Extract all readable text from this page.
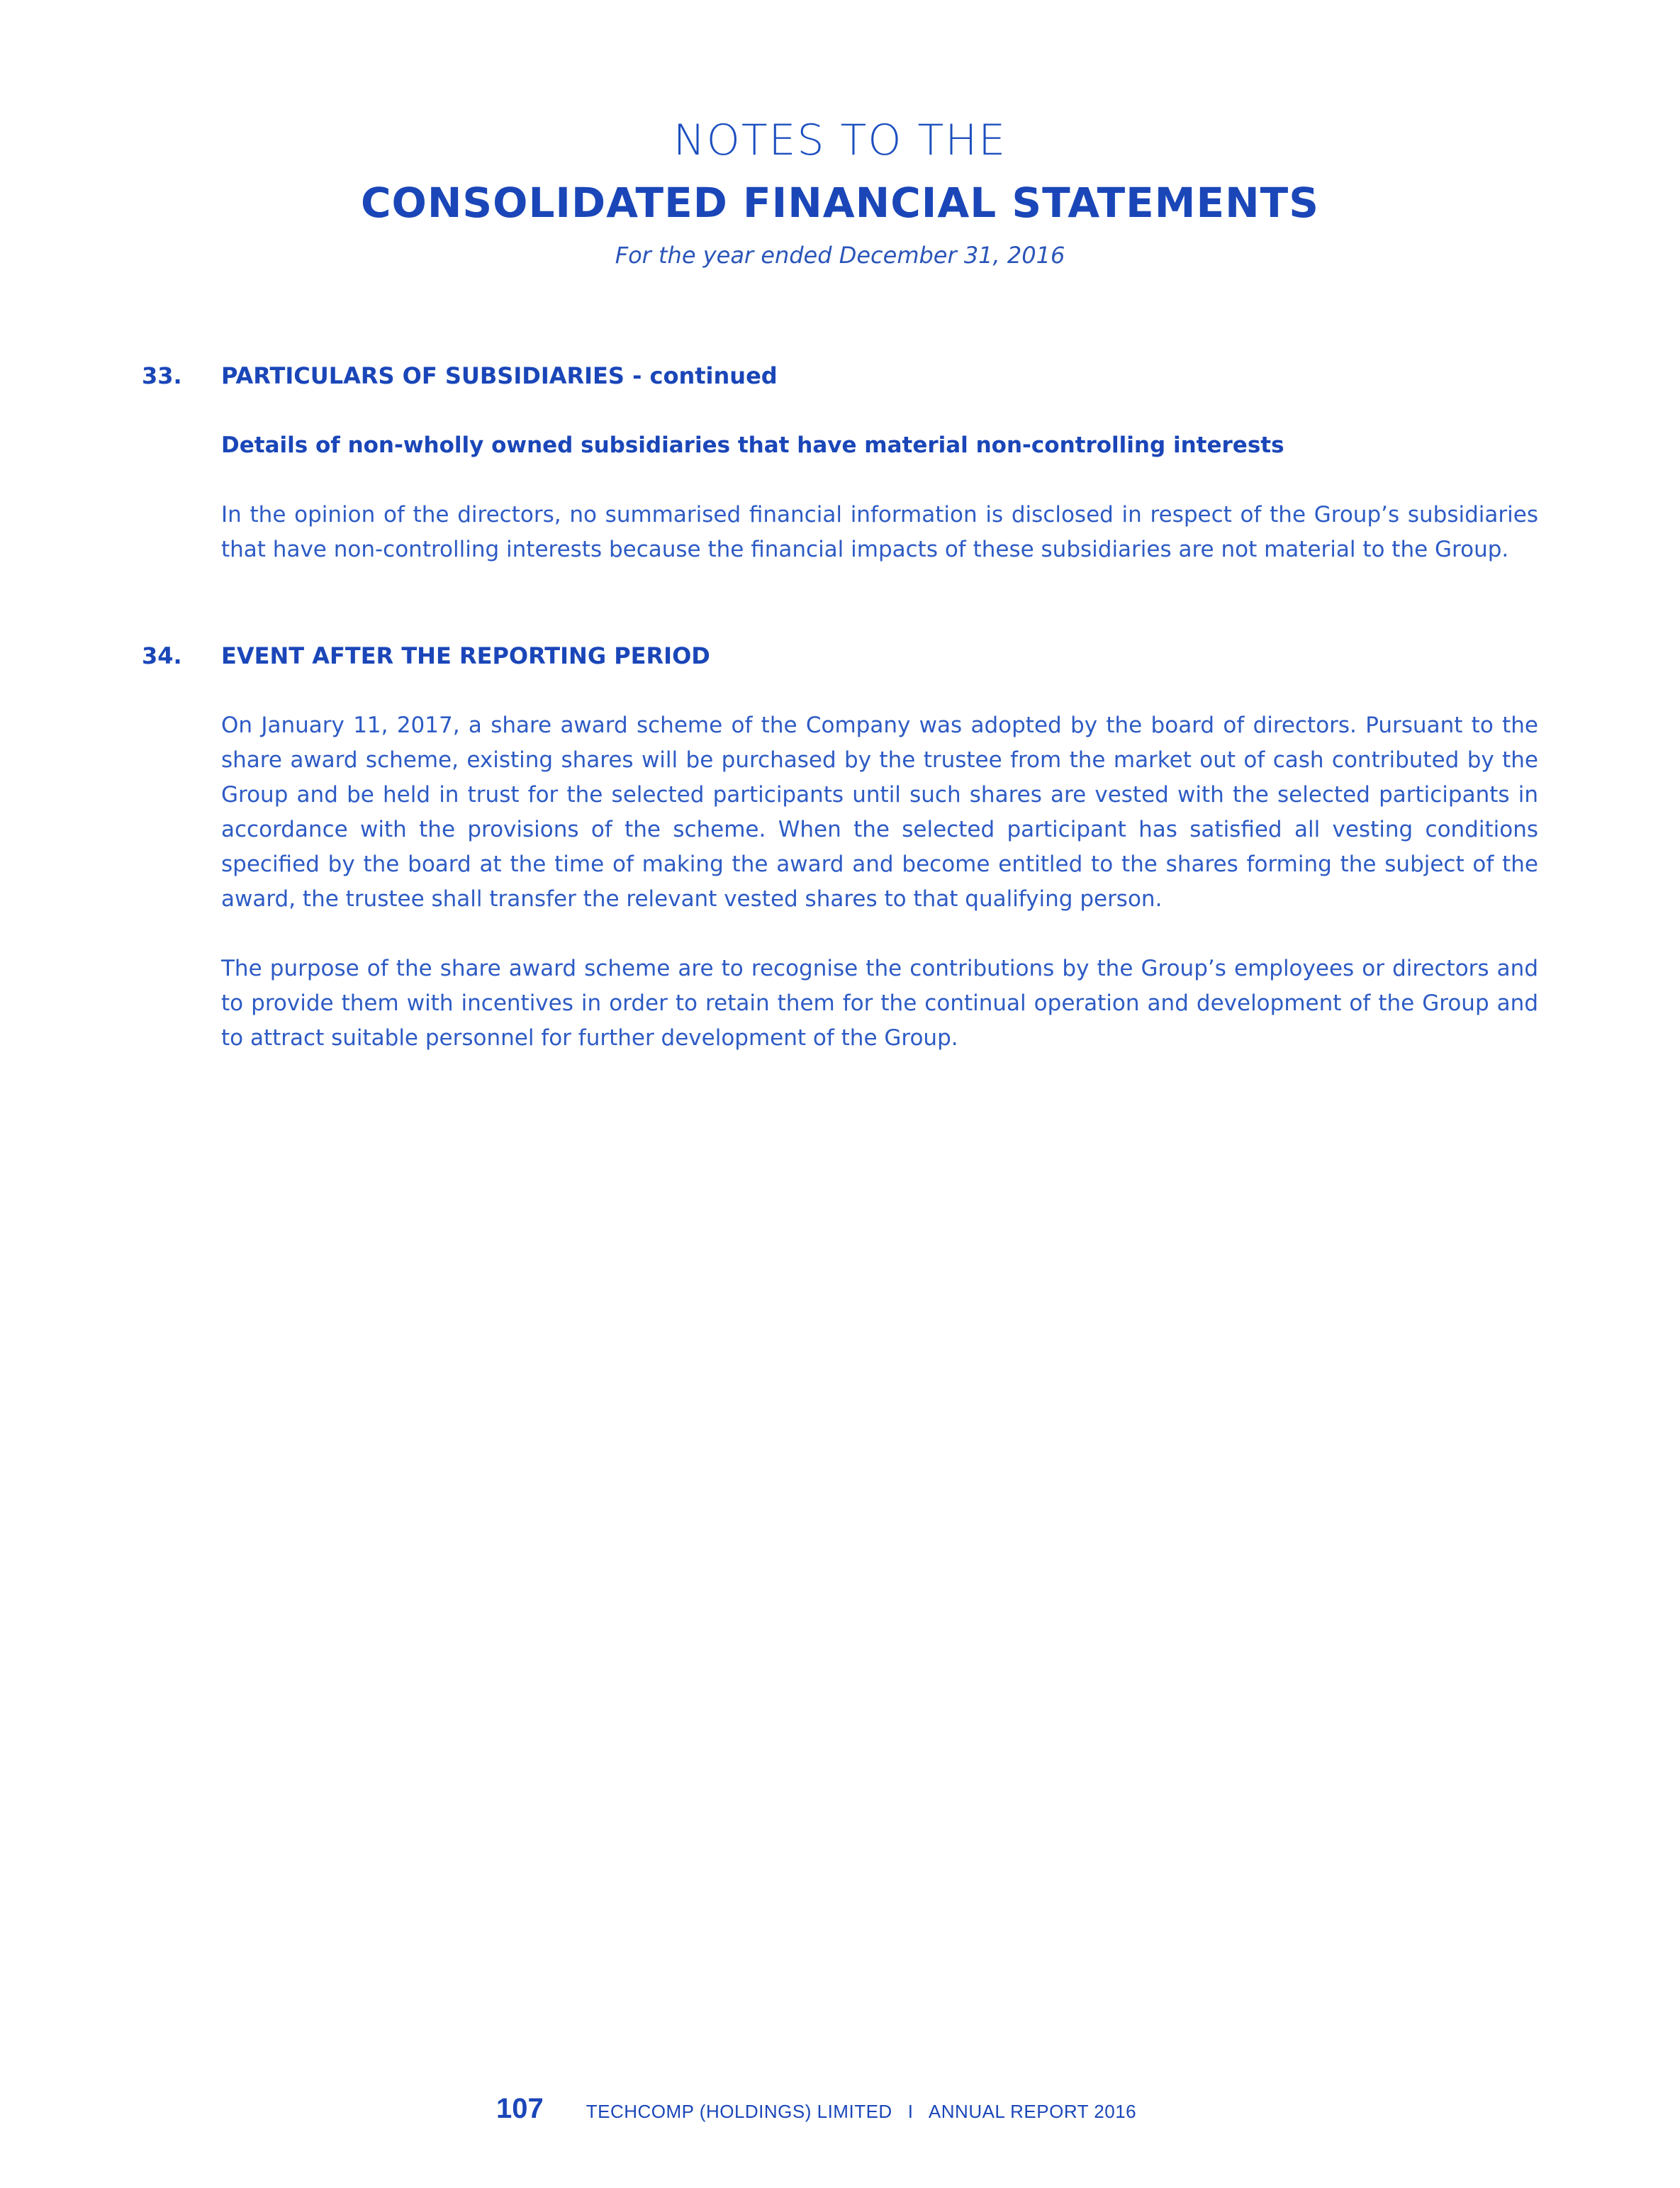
NOTES TO THE
CONSOLIDATED FINANCIAL STATEMENTS
For the year ended December 31, 2016
33.	PARTICULARS OF SUBSIDIARIES - continued
Details of non-wholly owned subsidiaries that have material non-controlling interests

In the opinion of the directors, no summarised financial information is disclosed in respect of the Group’s subsidiaries that have non-controlling interests because the financial impacts of these subsidiaries are not material to the Group.

34.	EVENT AFTER THE REPORTING PERIOD

On January 11, 2017, a share award scheme of the Company was adopted by the board of directors. Pursuant to the share award scheme, existing shares will be purchased by the trustee from the market out of cash contributed by the Group and be held in trust for the selected participants until such shares are vested with the selected participants in accordance with the provisions of the scheme. When the selected participant has satisfied all vesting conditions specified by the board at the time of making the award and become entitled to the shares forming the subject of the award, the trustee shall transfer the relevant vested shares to that qualifying person.

The purpose of the share award scheme are to recognise the contributions by the Group’s employees or directors and to provide them with incentives in order to retain them for the continual operation and development of the Group and to attract suitable personnel for further development of the Group.

107 TECHCOMP (HOLDINGS) LIMITED I ANNUAL REPORT 2016
